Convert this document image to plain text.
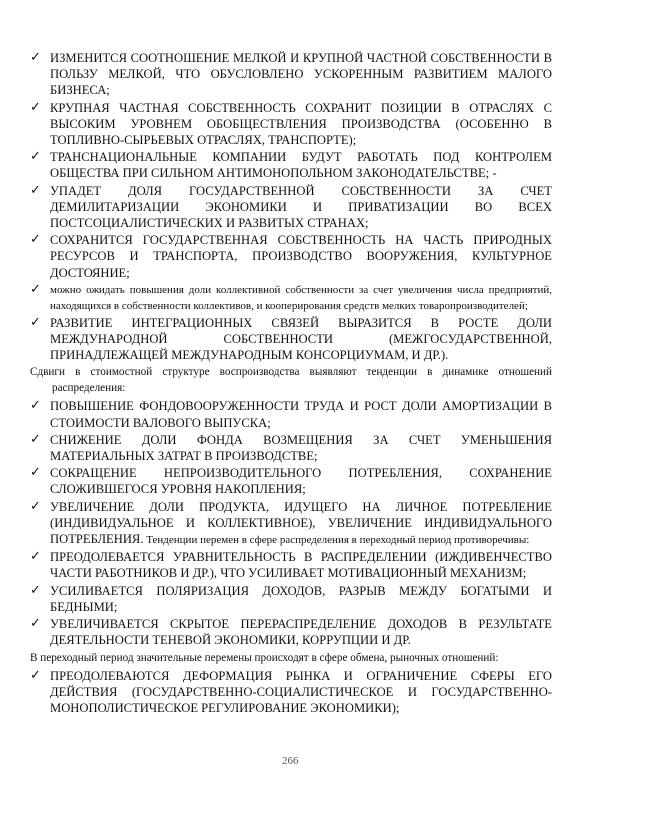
✓ ИЗМЕНИТСЯ СООТНОШЕНИЕ МЕЛКОЙ И КРУПНОЙ ЧАСТНОЙ СОБСТВЕННОСТИ В ПОЛЬЗУ МЕЛКОЙ, ЧТО ОБУСЛОВЛЕНО УСКОРЕННЫМ РАЗВИТИЕМ МАЛОГО БИЗНЕСА;
✓ КРУПНАЯ ЧАСТНАЯ СОБСТВЕННОСТЬ СОХРАНИТ ПОЗИЦИИ В ОТРАСЛЯХ С ВЫСОКИМ УРОВНЕМ ОБОБЩЕСТВЛЕНИЯ ПРОИЗВОДСТВА (ОСОБЕННО В ТОПЛИВНО-СЫРЬЕВЫХ ОТРАСЛЯХ, ТРАНСПОРТЕ);
✓ ТРАНСНАЦИОНАЛЬНЫЕ КОМПАНИИ БУДУТ РАБОТАТЬ ПОД КОНТРОЛЕМ ОБЩЕСТВА ПРИ СИЛЬНОМ АНТИМОНОПОЛЬНОМ ЗАКОНОДАТЕЛЬСТВЕ; -
✓ УПАДЕТ ДОЛЯ ГОСУДАРСТВЕННОЙ СОБСТВЕННОСТИ ЗА СЧЕТ ДЕМИЛИТАРИЗАЦИИ ЭКОНОМИКИ И ПРИВАТИЗАЦИИ ВО ВСЕХ ПОСТСОЦИАЛИСТИЧЕСКИХ И РАЗВИТЫХ СТРАНАХ;
✓ СОХРАНИТСЯ ГОСУДАРСТВЕННАЯ СОБСТВЕННОСТЬ НА ЧАСТЬ ПРИРОДНЫХ РЕСУРСОВ И ТРАНСПОРТА, ПРОИЗВОДСТВО ВООРУЖЕНИЯ, КУЛЬТУРНОЕ ДОСТОЯНИЕ;
✓ можно ожидать повышения доли коллективной собственности за счет увеличения числа предприятий, находящихся в собственности коллективов, и кооперирования средств мелких товаропроизводителей;
✓ РАЗВИТИЕ ИНТЕГРАЦИОННЫХ СВЯЗЕЙ ВЫРАЗИТСЯ В РОСТЕ ДОЛИ МЕЖДУНАРОДНОЙ СОБСТВЕННОСТИ (МЕЖГОСУДАРСТВЕННОЙ, ПРИНАДЛЕЖАЩЕЙ МЕЖДУНАРОДНЫМ КОНСОРЦИУМАМ, И ДР.).
Сдвиги в стоимостной структуре воспроизводства выявляют тенденции в динамике отношений распределения:
✓ ПОВЫШЕНИЕ ФОНДОВООРУЖЕННОСТИ ТРУДА И РОСТ ДОЛИ АМОРТИЗАЦИИ В СТОИМОСТИ ВАЛОВОГО ВЫПУСКА;
✓ СНИЖЕНИЕ ДОЛИ ФОНДА ВОЗМЕЩЕНИЯ ЗА СЧЕТ УМЕНЬШЕНИЯ МАТЕРИАЛЬНЫХ ЗАТРАТ В ПРОИЗВОДСТВЕ;
✓ СОКРАЩЕНИЕ НЕПРОИЗВОДИТЕЛЬНОГО ПОТРЕБЛЕНИЯ, СОХРАНЕНИЕ СЛОЖИВШЕГОСЯ УРОВНЯ НАКОПЛЕНИЯ;
✓ УВЕЛИЧЕНИЕ ДОЛИ ПРОДУКТА, ИДУЩЕГО НА ЛИЧНОЕ ПОТРЕБЛЕНИЕ (ИНДИВИДУАЛЬНОЕ И КОЛЛЕКТИВНОЕ), УВЕЛИЧЕНИЕ ИНДИВИДУАЛЬНОГО ПОТРЕБЛЕНИЯ. Тенденции перемен в сфере распределения в переходный период противоречивы:
✓ ПРЕОДОЛЕВАЕТСЯ УРАВНИТЕЛЬНОСТЬ В РАСПРЕДЕЛЕНИИ (ИЖДИВЕНЧЕСТВО ЧАСТИ РАБОТНИКОВ И ДР.), ЧТО УСИЛИВАЕТ МОТИВАЦИОННЫЙ МЕХАНИЗМ;
✓ УСИЛИВАЕТСЯ ПОЛЯРИЗАЦИЯ ДОХОДОВ, РАЗРЫВ МЕЖДУ БОГАТЫМИ И БЕДНЫМИ;
✓ УВЕЛИЧИВАЕТСЯ СКРЫТОЕ ПЕРЕРАСПРЕДЕЛЕНИЕ ДОХОДОВ В РЕЗУЛЬТАТЕ ДЕЯТЕЛЬНОСТИ ТЕНЕВОЙ ЭКОНОМИКИ, КОРРУПЦИИ И ДР.
В переходный период значительные перемены происходят в сфере обмена, рыночных отношений:
✓ ПРЕОДОЛЕВАЮТСЯ ДЕФОРМАЦИЯ РЫНКА И ОГРАНИЧЕНИЕ СФЕРЫ ЕГО ДЕЙСТВИЯ (ГОСУДАРСТВЕННО-СОЦИАЛИСТИЧЕСКОЕ И ГОСУДАРСТВЕННО-МОНОПОЛИСТИЧЕСКОЕ РЕГУЛИРОВАНИЕ ЭКОНОМИКИ);
266
